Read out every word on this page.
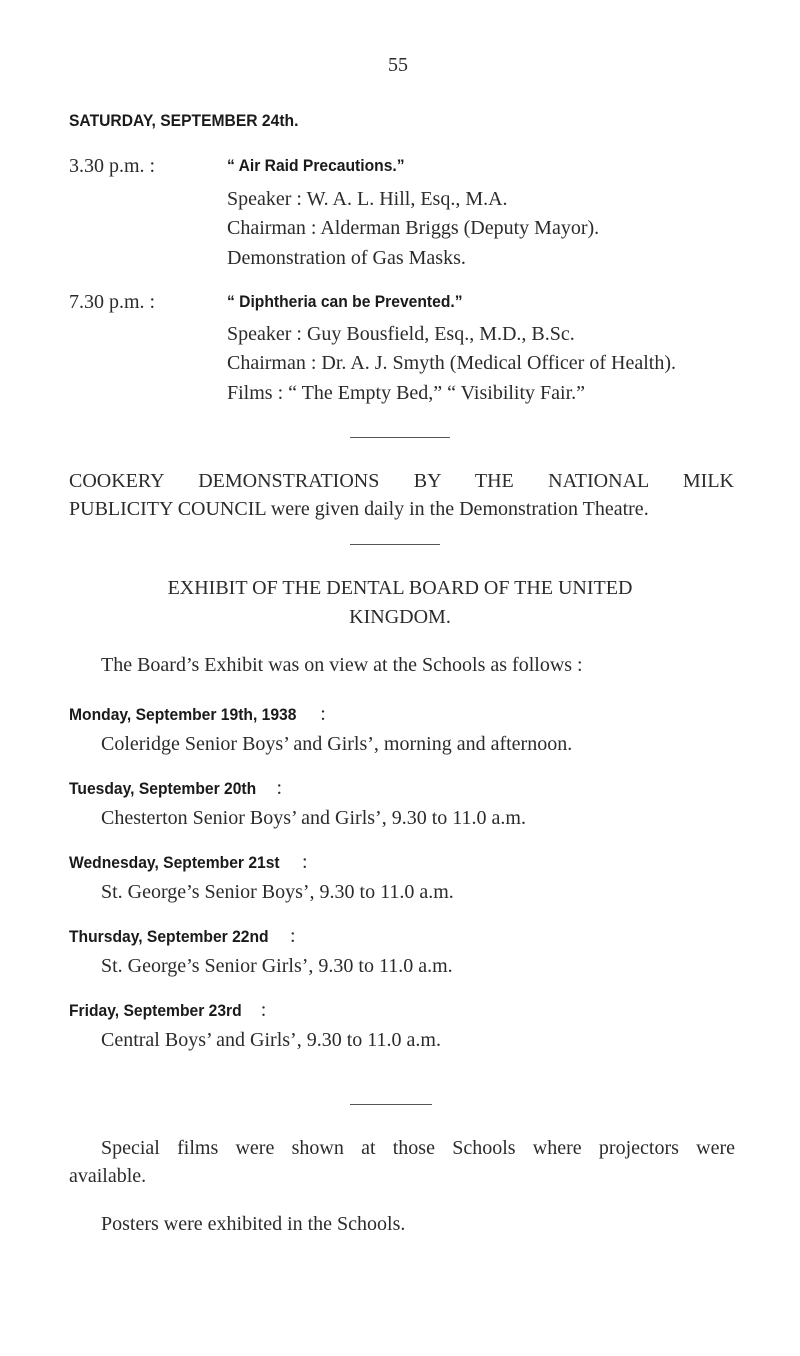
55
SATURDAY, SEPTEMBER 24th.
3.30 p.m. :	“ Air Raid Precautions.”
Speaker : W. A. L. Hill, Esq., M.A.
Chairman : Alderman Briggs (Deputy Mayor).
Demonstration of Gas Masks.
7.30 p.m. :	“ Diphtheria can be Prevented.”
Speaker : Guy Bousfield, Esq., M.D., B.Sc.
Chairman : Dr. A. J. Smyth (Medical Officer of Health).
Films : “ The Empty Bed,” “ Visibility Fair.”
COOKERY DEMONSTRATIONS BY THE NATIONAL MILK
PUBLICITY COUNCIL were given daily in the Demonstration Theatre.
EXHIBIT OF THE DENTAL BOARD OF THE UNITED
KINGDOM.
The Board’s Exhibit was on view at the Schools as follows :
Monday, September 19th, 1938 :
Coleridge Senior Boys’ and Girls’, morning and afternoon.
Tuesday, September 20th :
Chesterton Senior Boys’ and Girls’, 9.30 to 11.0 a.m.
Wednesday, September 21st :
St. George’s Senior Boys’, 9.30 to 11.0 a.m.
Thursday, September 22nd :
St. George’s Senior Girls’, 9.30 to 11.0 a.m.
Friday, September 23rd :
Central Boys’ and Girls’, 9.30 to 11.0 a.m.
Special films were shown at those Schools where projectors were
available.
Posters were exhibited in the Schools.
